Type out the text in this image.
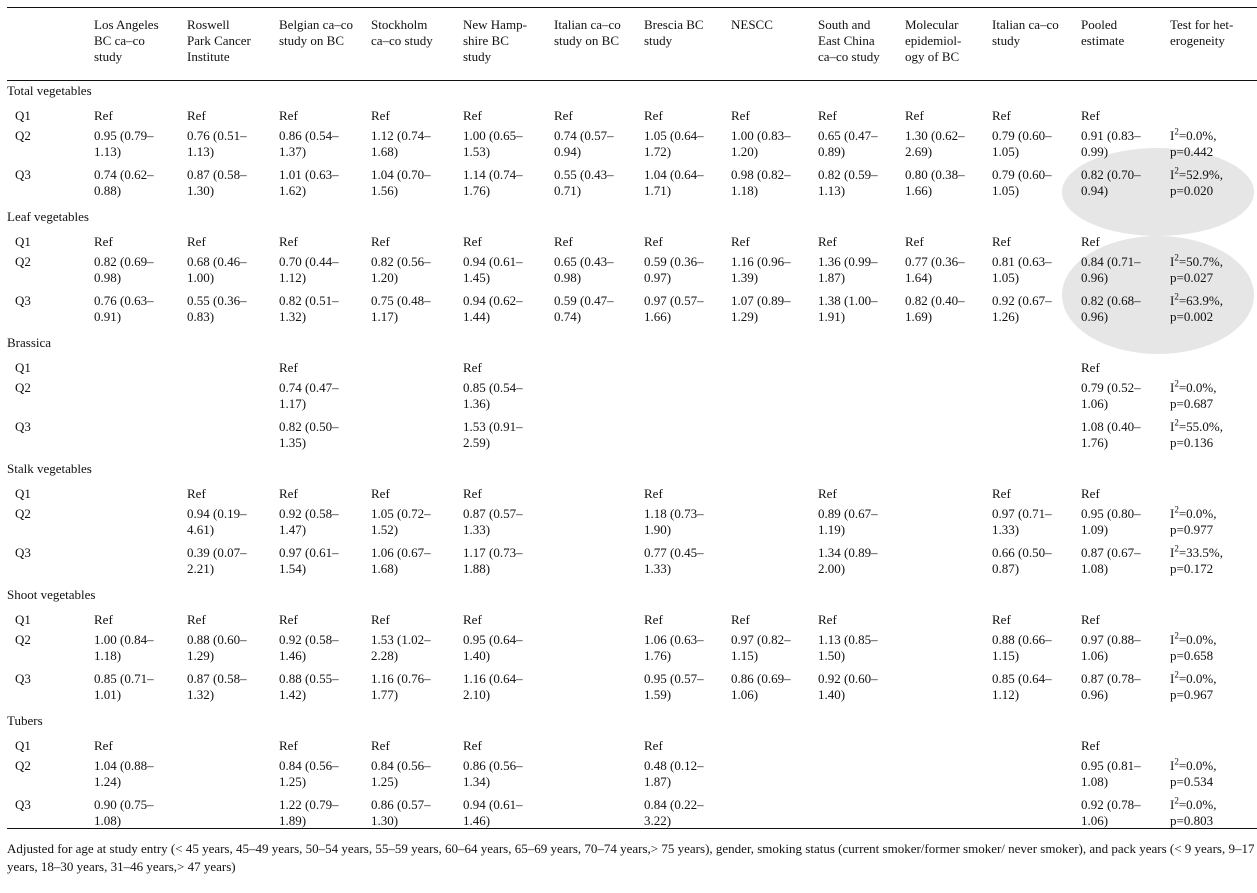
	Los Angeles
BC ca–co
study	Roswell
Park Cancer
Institute	Belgian ca–co
study on BC	Stockholm
ca–co study	New Hamp-
shire BC
study	Italian ca–co
study on BC	Brescia BC
study	NESCC	South and
East China
ca–co study	Molecular
epidemiol-
ogy of BC	Italian ca–co
study	Pooled
estimate	Test for het-
erogeneity
Total vegetables													
Q1	Ref	Ref	Ref	Ref	Ref	Ref	Ref	Ref	Ref	Ref	Ref	Ref	
Q2	0.95 (0.79–
1.13)	0.76 (0.51–
1.13)	0.86 (0.54–
1.37)	1.12 (0.74–
1.68)	1.00 (0.65–
1.53)	0.74 (0.57–
0.94)	1.05 (0.64–
1.72)	1.00 (0.83–
1.20)	0.65 (0.47–
0.89)	1.30 (0.62–
2.69)	0.79 (0.60–
1.05)	0.91 (0.83–
0.99)	$I^2=0.0\%$,
p=0.442
Q3	0.74 (0.62–
0.88)	0.87 (0.58–
1.30)	1.01 (0.63–
1.62)	1.04 (0.70–
1.56)	1.14 (0.74–
1.76)	0.55 (0.43–
0.71)	1.04 (0.64–
1.71)	0.98 (0.82–
1.18)	0.82 (0.59–
1.13)	0.80 (0.38–
1.66)	0.79 (0.60–
1.05)	0.82 (0.70–
0.94)	$I^2=52.9\%$,
p=0.020
Leaf vegetables													
Q1	Ref	Ref	Ref	Ref	Ref	Ref	Ref	Ref	Ref	Ref	Ref	Ref	
Q2	0.82 (0.69–
0.98)	0.68 (0.46–
1.00)	0.70 (0.44–
1.12)	0.82 (0.56–
1.20)	0.94 (0.61–
1.45)	0.65 (0.43–
0.98)	0.59 (0.36–
0.97)	1.16 (0.96–
1.39)	1.36 (0.99–
1.87)	0.77 (0.36–
1.64)	0.81 (0.63–
1.05)	0.84 (0.71–
0.96)	$I^2=50.7\%$,
p=0.027
Q3	0.76 (0.63–
0.91)	0.55 (0.36–
0.83)	0.82 (0.51–
1.32)	0.75 (0.48–
1.17)	0.94 (0.62–
1.44)	0.59 (0.47–
0.74)	0.97 (0.57–
1.66)	1.07 (0.89–
1.29)	1.38 (1.00–
1.91)	0.82 (0.40–
1.69)	0.92 (0.67–
1.26)	0.82 (0.68–
0.96)	$I^2=63.9\%$,
p=0.002
Brassica													
Q1			Ref		Ref							Ref	
Q2			0.74 (0.47–
1.17)		0.85 (0.54–
1.36)							0.79 (0.52–
1.06)	$I^2=0.0\%$,
p=0.687
Q3			0.82 (0.50–
1.35)		1.53 (0.91–
2.59)							1.08 (0.40–
1.76)	$I^2=55.0\%$,
p=0.136
Stalk vegetables													
Q1		Ref	Ref	Ref	Ref		Ref		Ref		Ref	Ref	
Q2		0.94 (0.19–
4.61)	0.92 (0.58–
1.47)	1.05 (0.72–
1.52)	0.87 (0.57–
1.33)		1.18 (0.73–
1.90)		0.89 (0.67–
1.19)		0.97 (0.71–
1.33)	0.95 (0.80–
1.09)	$I^2=0.0\%$,
p=0.977
Q3		0.39 (0.07–
2.21)	0.97 (0.61–
1.54)	1.06 (0.67–
1.68)	1.17 (0.73–
1.88)		0.77 (0.45–
1.33)		1.34 (0.89–
2.00)		0.66 (0.50–
0.87)	0.87 (0.67–
1.08)	$I^2=33.5\%$,
p=0.172
Shoot vegetables													
Q1	Ref	Ref	Ref	Ref	Ref		Ref	Ref	Ref		Ref	Ref	
Q2	1.00 (0.84–
1.18)	0.88 (0.60–
1.29)	0.92 (0.58–
1.46)	1.53 (1.02–
2.28)	0.95 (0.64–
1.40)		1.06 (0.63–
1.76)	0.97 (0.82–
1.15)	1.13 (0.85–
1.50)		0.88 (0.66–
1.15)	0.97 (0.88–
1.06)	$I^2=0.0\%$,
p=0.658
Q3	0.85 (0.71–
1.01)	0.87 (0.58–
1.32)	0.88 (0.55–
1.42)	1.16 (0.76–
1.77)	1.16 (0.64–
2.10)		0.95 (0.57–
1.59)	0.86 (0.69–
1.06)	0.92 (0.60–
1.40)		0.85 (0.64–
1.12)	0.87 (0.78–
0.96)	$I^2=0.0\%$,
p=0.967
Tubers													
Q1	Ref		Ref	Ref	Ref		Ref					Ref	
Q2	1.04 (0.88–
1.24)		0.84 (0.56–
1.25)	0.84 (0.56–
1.25)	0.86 (0.56–
1.34)		0.48 (0.12–
1.87)					0.95 (0.81–
1.08)	$I^2=0.0\%$,
p=0.534
Q3	0.90 (0.75–
1.08)		1.22 (0.79–
1.89)	0.86 (0.57–
1.30)	0.94 (0.61–
1.46)		0.84 (0.22–
3.22)					0.92 (0.78–
1.06)	$I^2=0.0\%$,
p=0.803
Adjusted for age at study entry (< 45 years, 45–49 years, 50–54 years, 55–59 years, 60–64 years, 65–69 years, 70–74 years,> 75 years), gender, smoking status (current smoker/former smoker/ never smoker), and pack years (< 9 years, 9–17 years, 18–30 years, 31–46 years,> 47 years)
